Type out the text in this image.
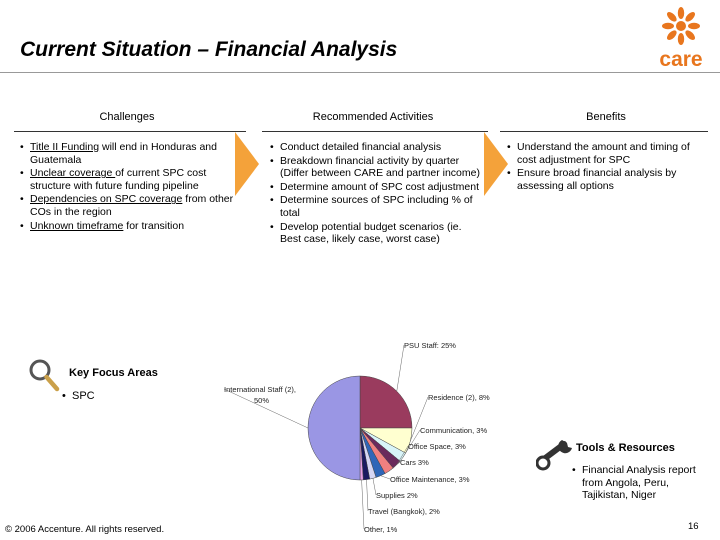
Current Situation – Financial Analysis	care
Challenges	Recommended Activities	Benefits
• Title II Funding will end in Honduras and Guatemala
• Unclear coverage of current SPC cost structure with future funding pipeline
• Dependencies on SPC coverage from other COs in the region
• Unknown timeframe for transition
• Conduct detailed financial analysis
• Breakdown financial activity by quarter (Differ between CARE and partner income)
• Determine amount of SPC cost adjustment
• Determine sources of SPC including % of total
• Develop potential budget scenarios (ie. Best case, likely case, worst case)
• Understand the amount and timing of cost adjustment for SPC
• Ensure broad financial analysis by assessing all options
Key Focus Areas
• SPC
PSU Staff: 25%
Residence (2), 8%
Communication, 3%
Office Space, 3%
Cars 3%
Office Maintenance, 3%
Supplies 2%
Travel (Bangkok), 2%
Other, 1%
International Staff (2), 50%
Tools & Resources
• Financial Analysis report from Angola, Peru, Tajikistan, Niger
© 2006 Accenture. All rights reserved.	16
